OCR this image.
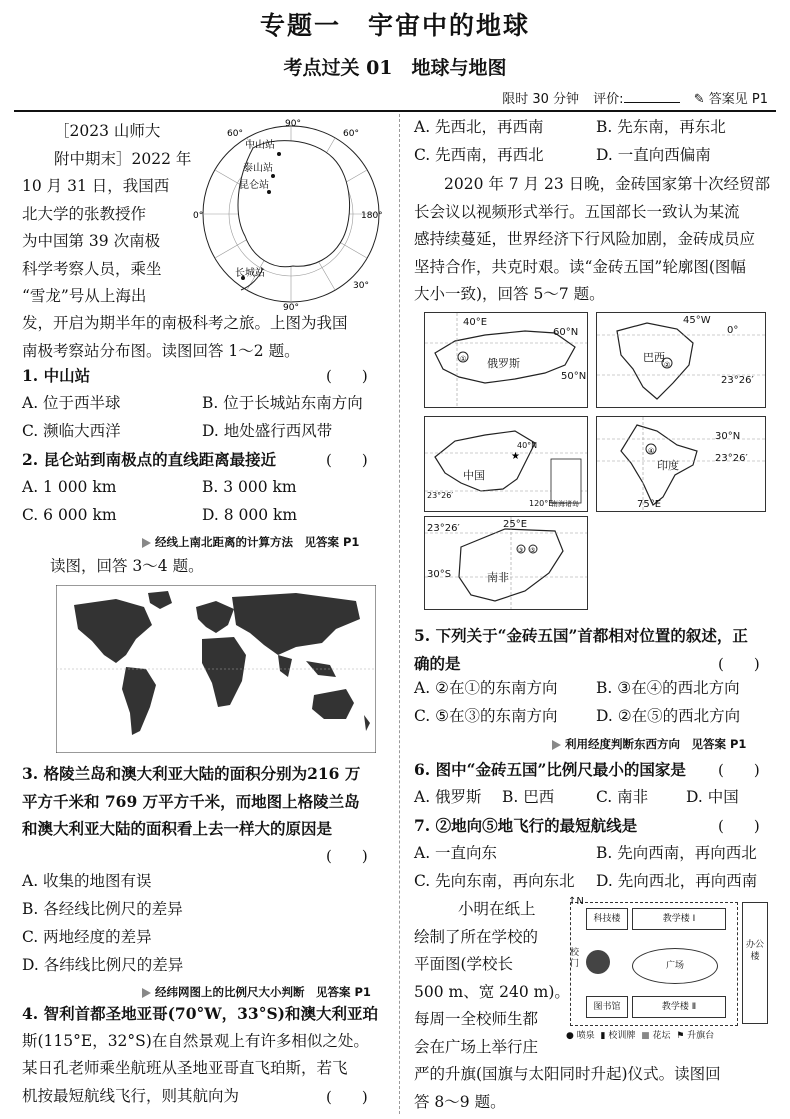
专题一　宇宙中的地球
考点过关 01　地球与地图
限时 30 分钟 评价:	✎ 答案见 P1
［2023 山师大
附中期末］2022 年
10 月 31 日，我国西
北大学的张教授作
为中国第 39 次南极
科学考察人员，乘坐
“雪龙”号从上海出
中山站
泰山站
昆仑站
长城站
60°
90°
60°
180°
0°
30°
90°
发，开启为期半年的南极科考之旅。上图为我国
南极考察站分布图。读图回答 1～2 题。
1. 中山站	(　　)
A. 位于西半球	B. 位于长城站东南方向
C. 濒临大西洋	D. 地处盛行西风带
2. 昆仑站到南极点的直线距离最接近	(　　)
A. 1 000 km	B. 3 000 km
C. 6 000 km	D. 8 000 km
经线上南北距离的计算方法　见答案 P1
读图，回答 3～4 题。
3. 格陵兰岛和澳大利亚大陆的面积分别为216 万
平方千米和 769 万平方千米，而地图上格陵兰岛
和澳大利亚大陆的面积看上去一样大的原因是
(　　)
A. 收集的地图有误
B. 各经线比例尺的差异
C. 两地经度的差异
D. 各纬线比例尺的差异
经纬网图上的比例尺大小判断　见答案 P1
4. 智利首都圣地亚哥(70°W，33°S)和澳大利亚珀
斯(115°E，32°S)在自然景观上有许多相似之处。
某日孔老师乘坐航班从圣地亚哥直飞珀斯，若飞
机按最短航线飞行，则其航向为	(　　)
A. 先西北，再西南	B. 先东南，再东北
C. 先西南，再西北	D. 一直向西偏南
2020 年 7 月 23 日晚，金砖国家第十次经贸部
长会议以视频形式举行。五国部长一致认为某流
感持续蔓延，世界经济下行风险加剧，金砖成员应
坚持合作，共克时艰。读“金砖五国”轮廓图(图幅
大小一致)，回答 5～7 题。
①
40°E
60°N
50°N
俄罗斯	②
45°W
0°
23°26′
巴西
★
40°N
23°26′
120°E
南海诸岛
中国
④
30°N
23°26′
75°E
印度
③ ⑤
25°E
23°26′
30°S	南非
5. 下列关于“金砖五国”首都相对位置的叙述，正
确的是	(　　)
A. ②在①的东南方向 B. ③在④的西北方向
C. ⑤在③的东南方向 D. ②在⑤的西北方向
利用经度判断东西方向　见答案 P1
6. 图中“金砖五国”比例尺最小的国家是 (　　)
A. 俄罗斯 B. 巴西	C. 南非 D. 中国
7. ②地向⑤地飞行的最短航线是	(　　)
A. 一直向东	B. 先向西南，再向西北
C. 先向东南，再向东北 D. 先向西北，再向西南
小明在纸上
绘制了所在学校的
平面图(学校长
500 m、宽 240 m)。
每周一全校师生都
会在广场上举行庄
严的升旗(国旗与太阳同时升起)仪式。读图回
答 8～9 题。
↑N
科技楼	教学楼 Ⅰ
校门	广场
办公楼
图书馆	教学楼 Ⅱ
● 喷泉 ▮ 校训牌 ■ 花坛 ⚑ 升旗台
